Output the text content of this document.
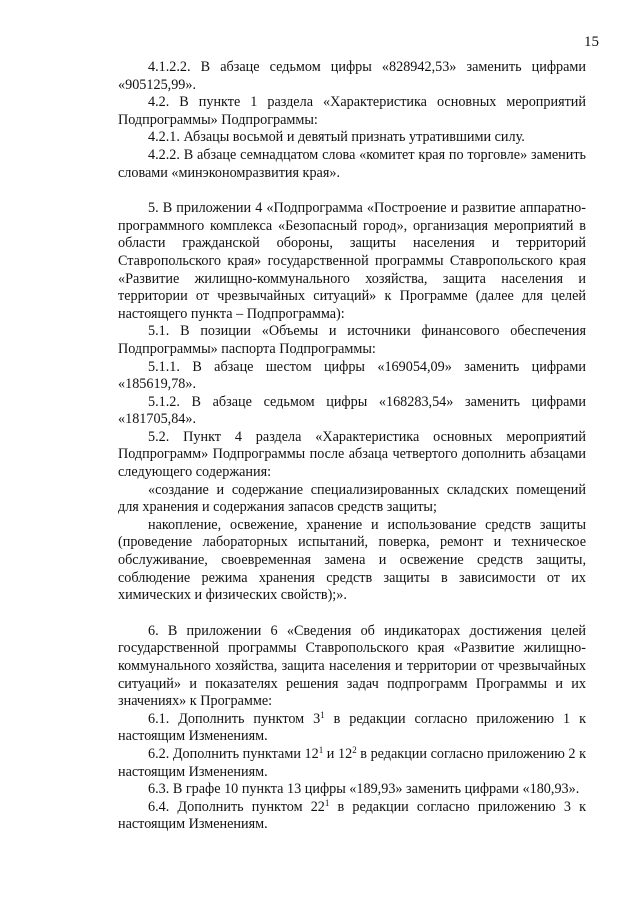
15

4.1.2.2. В абзаце седьмом цифры «828942,53» заменить цифрами «905125,99».

4.2. В пункте 1 раздела «Характеристика основных мероприятий Подпрограммы» Подпрограммы:

4.2.1. Абзацы восьмой и девятый признать утратившими силу.

4.2.2. В абзаце семнадцатом слова «комитет края по торговле» заменить словами «минэкономразвития края».

5. В приложении 4 «Подпрограмма «Построение и развитие аппаратно-программного комплекса «Безопасный город», организация мероприятий в области гражданской обороны, защиты населения и территорий Ставропольского края» государственной программы Ставропольского края «Развитие жилищно-коммунального хозяйства, защита населения и территории от чрезвычайных ситуаций» к Программе (далее для целей настоящего пункта – Подпрограмма):

5.1. В позиции «Объемы и источники финансового обеспечения Подпрограммы» паспорта Подпрограммы:

5.1.1. В абзаце шестом цифры «169054,09» заменить цифрами «185619,78».

5.1.2. В абзаце седьмом цифры «168283,54» заменить цифрами «181705,84».

5.2. Пункт 4 раздела «Характеристика основных мероприятий Подпрограмм» Подпрограммы после абзаца четвертого дополнить абзацами следующего содержания:

«создание и содержание специализированных складских помещений для хранения и содержания запасов средств защиты;

накопление, освежение, хранение и использование средств защиты (проведение лабораторных испытаний, поверка, ремонт и техническое обслуживание, своевременная замена и освежение средств защиты, соблюдение режима хранения средств защиты в зависимости от их химических и физических свойств);».

6. В приложении 6 «Сведения об индикаторах достижения целей государственной программы Ставропольского края «Развитие жилищно-коммунального хозяйства, защита населения и территории от чрезвычайных ситуаций» и показателях решения задач подпрограмм Программы и их значениях» к Программе:

6.1. Дополнить пунктом $3^1$ в редакции согласно приложению 1 к настоящим Изменениям.

6.2. Дополнить пунктами $12^1$ и $12^2$ в редакции согласно приложению 2 к настоящим Изменениям.

6.3. В графе 10 пункта 13 цифры «189,93» заменить цифрами «180,93».

6.4. Дополнить пунктом $22^1$ в редакции согласно приложению 3 к настоящим Изменениям.
